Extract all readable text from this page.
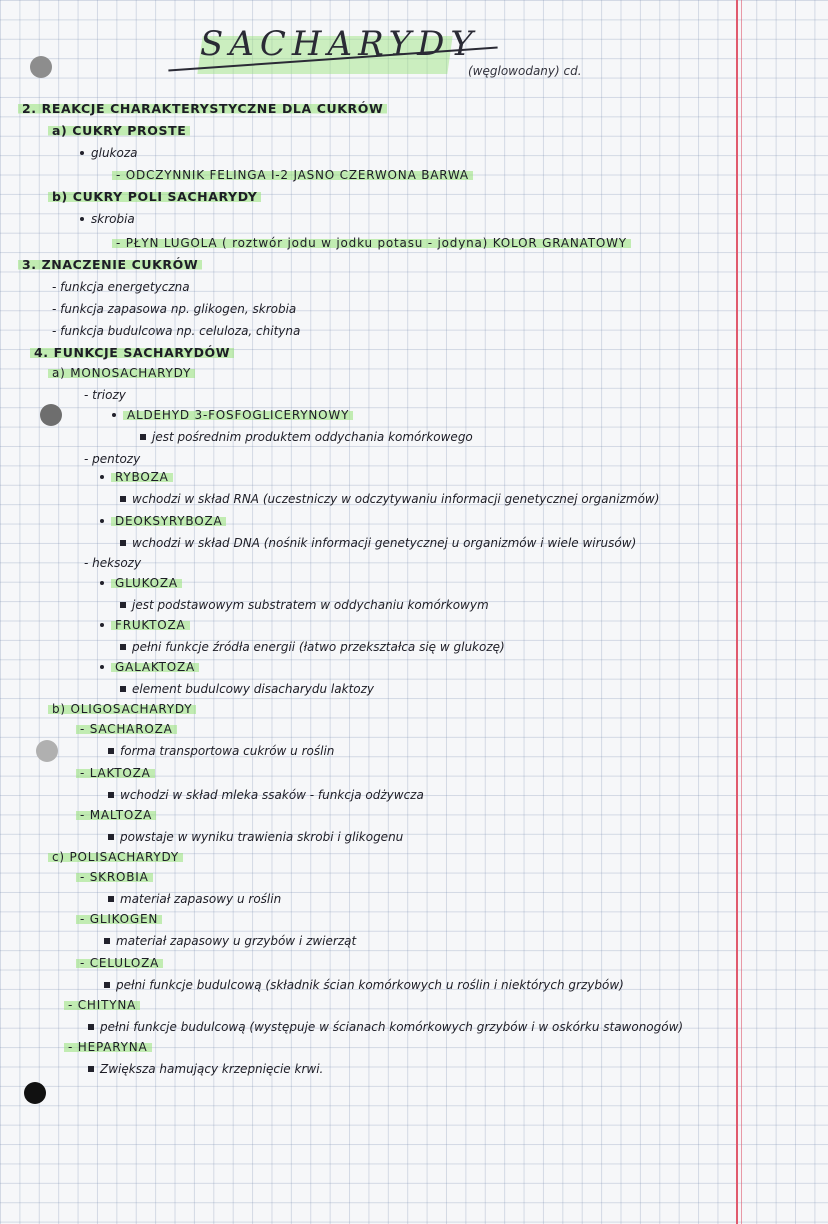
SACHARYDY
(węglowodany) cd.
2. REAKCJE CHARAKTERYSTYCZNE DLA CUKRÓW
a) CUKRY PROSTE
glukoza
- ODCZYNNIK FELINGA I-2 JASNO CZERWONA BARWA
b) CUKRY POLI SACHARYDY
skrobia
- PŁYN LUGOLA ( roztwór jodu w jodku potasu - jodyna) KOLOR GRANATOWY
3. ZNACZENIE CUKRÓW
- funkcja energetyczna
- funkcja zapasowa np. glikogen, skrobia
- funkcja budulcowa np. celuloza, chityna
4. FUNKCJE SACHARYDÓW
a) MONOSACHARYDY
- triozy
ALDEHYD 3-FOSFOGLICERYNOWY
jest pośrednim produktem oddychania komórkowego
- pentozy
RYBOZA
wchodzi w skład RNA (uczestniczy w odczytywaniu informacji genetycznej organizmów)
DEOKSYRYBOZA
wchodzi w skład DNA (nośnik informacji genetycznej u organizmów i wiele wirusów)
- heksozy
GLUKOZA
jest podstawowym substratem w oddychaniu komórkowym
FRUKTOZA
pełni funkcje źródła energii (łatwo przekształca się w glukozę)
GALAKTOZA
element budulcowy disacharydu laktozy
b) OLIGOSACHARYDY
- SACHAROZA
forma transportowa cukrów u roślin
- LAKTOZA
wchodzi w skład mleka ssaków - funkcja odżywcza
- MALTOZA
powstaje w wyniku trawienia skrobi i glikogenu
c) POLISACHARYDY
- SKROBIA
materiał zapasowy u roślin
- GLIKOGEN
materiał zapasowy u grzybów i zwierząt
- CELULOZA
pełni funkcje budulcową (składnik ścian komórkowych u roślin i niektórych grzybów)
- CHITYNA
pełni funkcje budulcową (występuje w ścianach komórkowych grzybów i w oskórku stawonogów)
- HEPARYNA
Zwiększa hamujący krzepnięcie krwi.
